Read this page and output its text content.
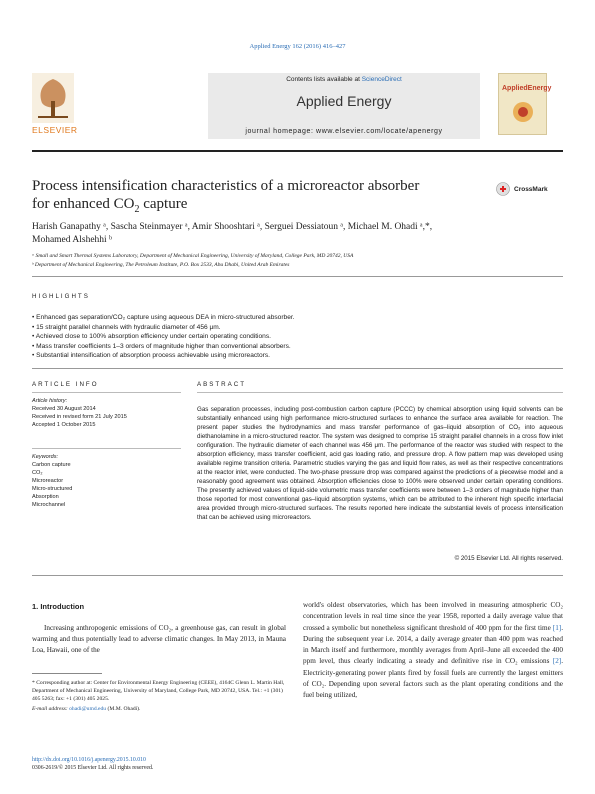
Applied Energy 162 (2016) 416–427
ELSEVIER
Contents lists available at ScienceDirect
Applied Energy
journal homepage: www.elsevier.com/locate/apenergy
AppliedEnergy
Process intensification characteristics of a microreactor absorber
for enhanced $CO_2$ capture
CrossMark
Harish Ganapathy ᵃ, Sascha Steinmayer ᵃ, Amir Shooshtari ᵃ, Serguei Dessiatoun ᵃ, Michael M. Ohadi ᵃ,*,
Mohamed Alshehhi ᵇ
ᵃ Small and Smart Thermal Systems Laboratory, Department of Mechanical Engineering, University of Maryland, College Park, MD 20742, USA
ᵇ Department of Mechanical Engineering, The Petroleum Institute, P.O. Box 2533, Abu Dhabi, United Arab Emirates
HIGHLIGHTS
• Enhanced gas separation/CO₂ capture using aqueous DEA in micro-structured absorber.
• 15 straight parallel channels with hydraulic diameter of 456 μm.
• Achieved close to 100% absorption efficiency under certain operating conditions.
• Mass transfer coefficients 1–3 orders of magnitude higher than conventional absorbers.
• Substantial intensification of absorption process achievable using microreactors.
ARTICLE INFO
Article history:
Received 30 August 2014
Received in revised form 21 July 2015
Accepted 1 October 2015
Keywords:
Carbon capture
CO₂
Microreactor
Micro-structured
Absorption
Microchannel
ABSTRACT
Gas separation processes, including post-combustion carbon capture (PCCC) by chemical absorption using liquid solvents can be substantially enhanced using high performance micro-structured surfaces to enhance the surface area available for reaction. The present paper studies the hydrodynamics and mass transfer performance of gas–liquid absorption of CO₂ into aqueous diethanolamine in a micro-structured reactor. The system was designed to comprise 15 straight parallel channels in a cross flow inlet configuration. The hydraulic diameter of each channel was 456 μm. The performance of the reactor was studied with respect to the absorption efficiency, mass transfer coefficient, acid gas loading ratio, and pressure drop. A flow pattern map was developed using available regime transition criteria. Parametric studies varying the gas and liquid flow rates, as well as their respective concentrations at the reactor inlet, were conducted. The two-phase pressure drop was compared against the predictions of a piecewise model and a reasonably good agreement was obtained. Absorption efficiencies close to 100% were observed under certain operating conditions. The presently achieved values of liquid-side volumetric mass transfer coefficients were between 1–3 orders of magnitude higher than those reported for most conventional gas–liquid absorption systems, which can be attributed to the inherent high specific interfacial area provided through micro-structured surfaces. The results reported here indicate the substantial levels of process intensification that can be achieved using microreactors.
© 2015 Elsevier Ltd. All rights reserved.
1. Introduction

Increasing anthropogenic emissions of CO₂, a greenhouse gas, can result in global warming and thus potentially lead to adverse climatic changes. In May 2013, in Mauna Loa, Hawaii, one of the

world's oldest observatories, which has been involved in measuring atmospheric CO₂ concentration levels in real time since the year 1958, reported a daily average value that crossed a symbolic but nonetheless significant threshold of 400 ppm for the first time [1]. During the subsequent year i.e. 2014, a daily average greater than 400 ppm was reached in March itself and furthermore, monthly averages from April–June all exceeded the 400 ppm level, thus clearly indicating a steady and definitive rise in CO₂ emissions [2]. Electricity-generating power plants fired by fossil fuels are currently the largest emitters of CO₂. Depending upon several factors such as the plant operating conditions and the fuel being utilized,

* Corresponding author at: Center for Environmental Energy Engineering (CEEE), 4164C Glenn L. Martin Hall, Department of Mechanical Engineering, University of Maryland, College Park, MD 20742, USA. Tel.: +1 (301) 405 5263; fax: +1 (301) 405 2025.
E-mail address: ohadi@umd.edu (M.M. Ohadi).
http://dx.doi.org/10.1016/j.apenergy.2015.10.010
0306-2619/© 2015 Elsevier Ltd. All rights reserved.
